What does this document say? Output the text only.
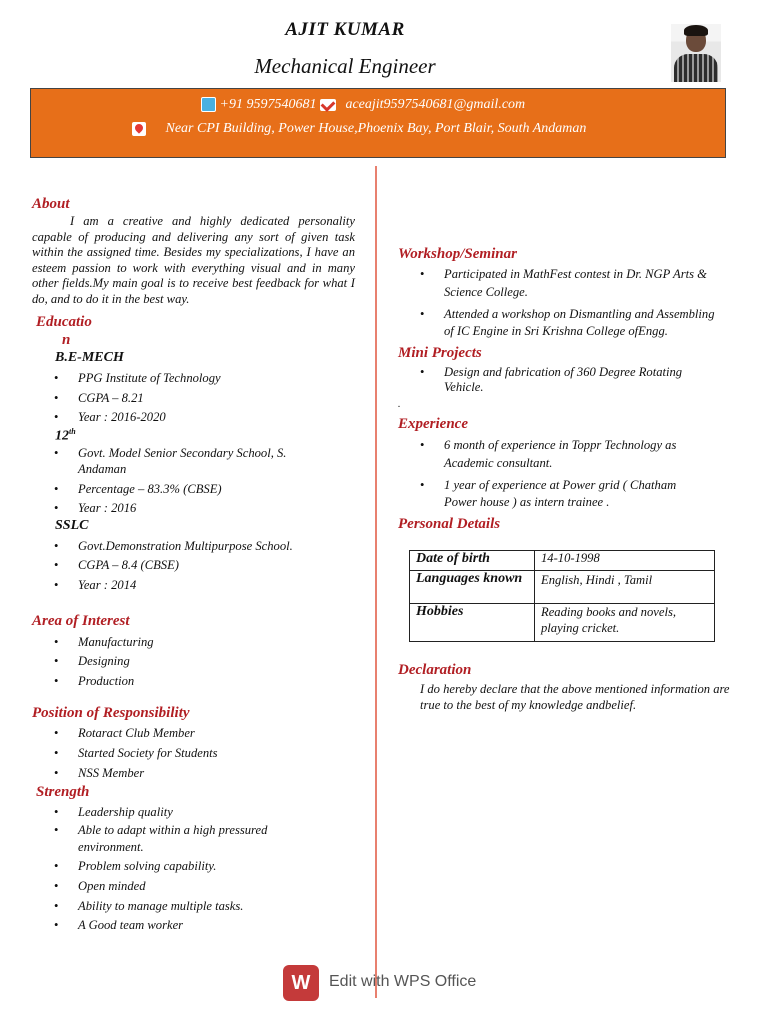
AJIT KUMAR
Mechanical Engineer
+91 9597540681 aceajit9597540681@gmail.com
Near CPI Building, Power House,Phoenix Bay, Port Blair, South Andaman
About
I am a creative and highly dedicated personality capable of producing and delivering any sort of given task within the assigned time. Besides my specializations, I have an esteem passion to work with everything visual and in many other fields.My main goal is to receive best feedback for what I do, and to do it in the best way.
Educatio
n
B.E-MECH
• PPG Institute of Technology
• CGPA – 8.21
• Year : 2016-2020
12th
• Govt. Model Senior Secondary School, S.
Andaman
• Percentage – 83.3% (CBSE)
• Year : 2016
SSLC
• Govt.Demonstration Multipurpose School.
• CGPA – 8.4 (CBSE)
• Year : 2014
Area of Interest
• Manufacturing
• Designing
• Production
Position of Responsibility
• Rotaract Club Member
• Started Society for Students
• NSS Member
Strength
• Leadership quality
• Able to adapt within a high pressured
environment.
• Problem solving capability.
• Open minded
• Ability to manage multiple tasks.
• A Good team worker
Workshop/Seminar
• Participated in MathFest contest in Dr. NGP Arts &
Science College.
• Attended a workshop on Dismantling and Assembling
of IC Engine in Sri Krishna College ofEngg.
Mini Projects
• Design and fabrication of 360 Degree Rotating
Vehicle.
.
Experience
• 6 month of experience in Toppr Technology as
Academic consultant.
• 1 year of experience at Power grid ( Chatham
Power house ) as intern trainee .
Personal Details
Date of birth	14-10-1998
Languages known	English, Hindi , Tamil
Hobbies	Reading books and novels, playing cricket.
Declaration
I do hereby declare that the above mentioned information are true to the best of my knowledge andbelief.
W	Edit with WPS Office
